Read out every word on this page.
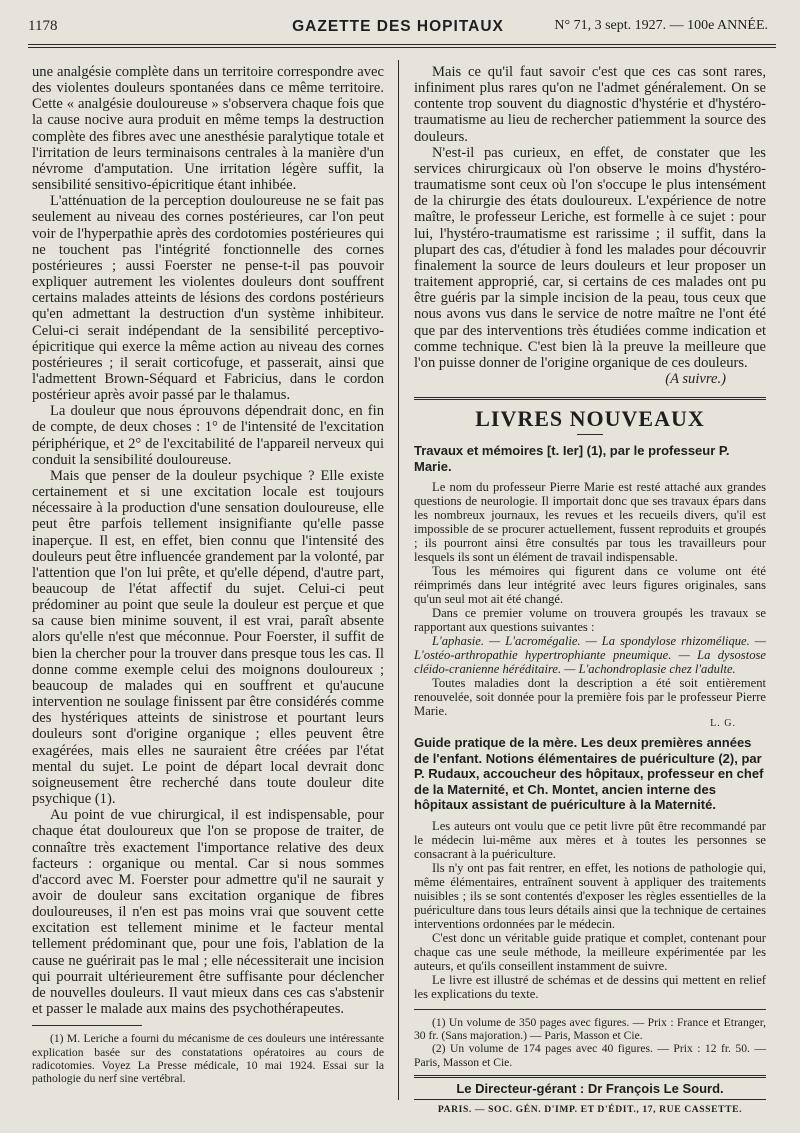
1178	GAZETTE DES HOPITAUX	N° 71, 3 sept. 1927. — 100e ANNÉE.

une analgésie complète dans un territoire correspondre avec des violentes douleurs spontanées dans ce même territoire. Cette « analgésie douloureuse » s'observera chaque fois que la cause nocive aura produit en même temps la destruction complète des fibres avec une anesthésie paralytique totale et l'irritation de leurs terminaisons centrales à la manière d'un névrome d'amputation. Une irritation légère suffit, la sensibilité sensitivo-épicritique étant inhibée.

L'atténuation de la perception douloureuse ne se fait pas seulement au niveau des cornes postérieures, car l'on peut voir de l'hyperpathie après des cordotomies postérieures qui ne touchent pas l'intégrité fonctionnelle des cornes postérieures ; aussi Foerster ne pense-t-il pas pouvoir expliquer autrement les violentes douleurs dont souffrent certains malades atteints de lésions des cordons postérieurs qu'en admettant la destruction d'un système inhibiteur. Celui-ci serait indépendant de la sensibilité perceptivo-épicritique qui exerce la même action au niveau des cornes postérieures ; il serait corticofuge, et passerait, ainsi que l'admettent Brown-Séquard et Fabricius, dans le cordon postérieur après avoir passé par le thalamus.

La douleur que nous éprouvons dépendrait donc, en fin de compte, de deux choses : 1° de l'intensité de l'excitation périphérique, et 2° de l'excitabilité de l'appareil nerveux qui conduit la sensibilité douloureuse.

Mais que penser de la douleur psychique ? Elle existe certainement et si une excitation locale est toujours nécessaire à la production d'une sensation douloureuse, elle peut être parfois tellement insignifiante qu'elle passe inaperçue. Il est, en effet, bien connu que l'intensité des douleurs peut être influencée grandement par la volonté, par l'attention que l'on lui prête, et qu'elle dépend, d'autre part, beaucoup de l'état affectif du sujet. Celui-ci peut prédominer au point que seule la douleur est perçue et que sa cause bien minime souvent, il est vrai, paraît absente alors qu'elle n'est que méconnue. Pour Foerster, il suffit de bien la chercher pour la trouver dans presque tous les cas. Il donne comme exemple celui des moignons douloureux ; beaucoup de malades qui en souffrent et qu'aucune intervention ne soulage finissent par être considérés comme des hystériques atteints de sinistrose et pourtant leurs douleurs sont d'origine organique ; elles peuvent être exagérées, mais elles ne sauraient être créées par l'état mental du sujet. Le point de départ local devrait donc soigneusement être recherché dans toute douleur dite psychique (1).

Au point de vue chirurgical, il est indispensable, pour chaque état douloureux que l'on se propose de traiter, de connaître très exactement l'importance relative des deux facteurs : organique ou mental. Car si nous sommes d'accord avec M. Foerster pour admettre qu'il ne saurait y avoir de douleur sans excitation organique de fibres douloureuses, il n'en est pas moins vrai que souvent cette excitation est tellement minime et le facteur mental tellement prédominant que, pour une fois, l'ablation de la cause ne guérirait pas le mal ; elle nécessiterait une incision qui pourrait ultérieurement être suffisante pour déclencher de nouvelles douleurs. Il vaut mieux dans ces cas s'abstenir et passer le malade aux mains des psychothérapeutes.

(1) M. Leriche a fourni du mécanisme de ces douleurs une intéressante explication basée sur des constatations opératoires au cours de radicotomies. Voyez La Presse médicale, 10 mai 1924. Essai sur la pathologie du nerf sine vertébral.

Mais ce qu'il faut savoir c'est que ces cas sont rares, infiniment plus rares qu'on ne l'admet généralement. On se contente trop souvent du diagnostic d'hystérie et d'hystéro-traumatisme au lieu de rechercher patiemment la source des douleurs.

N'est-il pas curieux, en effet, de constater que les services chirurgicaux où l'on observe le moins d'hystéro-traumatisme sont ceux où l'on s'occupe le plus intensément de la chirurgie des états douloureux. L'expérience de notre maître, le professeur Leriche, est formelle à ce sujet : pour lui, l'hystéro-traumatisme est rarissime ; il suffit, dans la plupart des cas, d'étudier à fond les malades pour découvrir finalement la source de leurs douleurs et leur proposer un traitement approprié, car, si certains de ces malades ont pu être guéris par la simple incision de la peau, tous ceux que nous avons vus dans le service de notre maître ne l'ont été que par des interventions très étudiées comme indication et comme technique. C'est bien là la preuve la meilleure que l'on puisse donner de l'origine organique de ces douleurs.

(A suivre.)

LIVRES NOUVEAUX

Travaux et mémoires [t. Ier] (1), par le professeur P. Marie.

Le nom du professeur Pierre Marie est resté attaché aux grandes questions de neurologie. Il importait donc que ses travaux épars dans les nombreux journaux, les revues et les recueils divers, qu'il est impossible de se procurer actuellement, fussent reproduits et groupés ; ils pourront ainsi être consultés par tous les travailleurs pour lesquels ils sont un élément de travail indispensable.

Tous les mémoires qui figurent dans ce volume ont été réimprimés dans leur intégrité avec leurs figures originales, sans qu'un seul mot ait été changé.

Dans ce premier volume on trouvera groupés les travaux se rapportant aux questions suivantes :

L'aphasie. — L'acromégalie. — La spondylose rhizomélique. — L'ostéo-arthropathie hypertrophiante pneumique. — La dysostose cléido-cranienne héréditaire. — L'achondroplasie chez l'adulte.

Toutes maladies dont la description a été soit entièrement renouvelée, soit donnée pour la première fois par le professeur Pierre Marie.

L. G.

Guide pratique de la mère. Les deux premières années de l'enfant. Notions élémentaires de puériculture (2), par P. Rudaux, accoucheur des hôpitaux, professeur en chef de la Maternité, et Ch. Montet, ancien interne des hôpitaux assistant de puériculture à la Maternité.

Les auteurs ont voulu que ce petit livre pût être recommandé par le médecin lui-même aux mères et à toutes les personnes se consacrant à la puériculture.

Ils n'y ont pas fait rentrer, en effet, les notions de pathologie qui, même élémentaires, entraînent souvent à appliquer des traitements nuisibles ; ils se sont contentés d'exposer les règles essentielles de la puériculture dans tous leurs détails ainsi que la technique de certaines interventions ordonnées par le médecin.

C'est donc un véritable guide pratique et complet, contenant pour chaque cas une seule méthode, la meilleure expérimentée par les auteurs, et qu'ils conseillent instamment de suivre.

Le livre est illustré de schémas et de dessins qui mettent en relief les explications du texte.

(1) Un volume de 350 pages avec figures. — Prix : France et Etranger, 30 fr. (Sans majoration.) — Paris, Masson et Cie.

(2) Un volume de 174 pages avec 40 figures. — Prix : 12 fr. 50. — Paris, Masson et Cie.

Le Directeur-gérant : Dr François Le Sourd.
PARIS. — SOC. GÉN. D'IMP. ET D'ÉDIT., 17, RUE CASSETTE.
